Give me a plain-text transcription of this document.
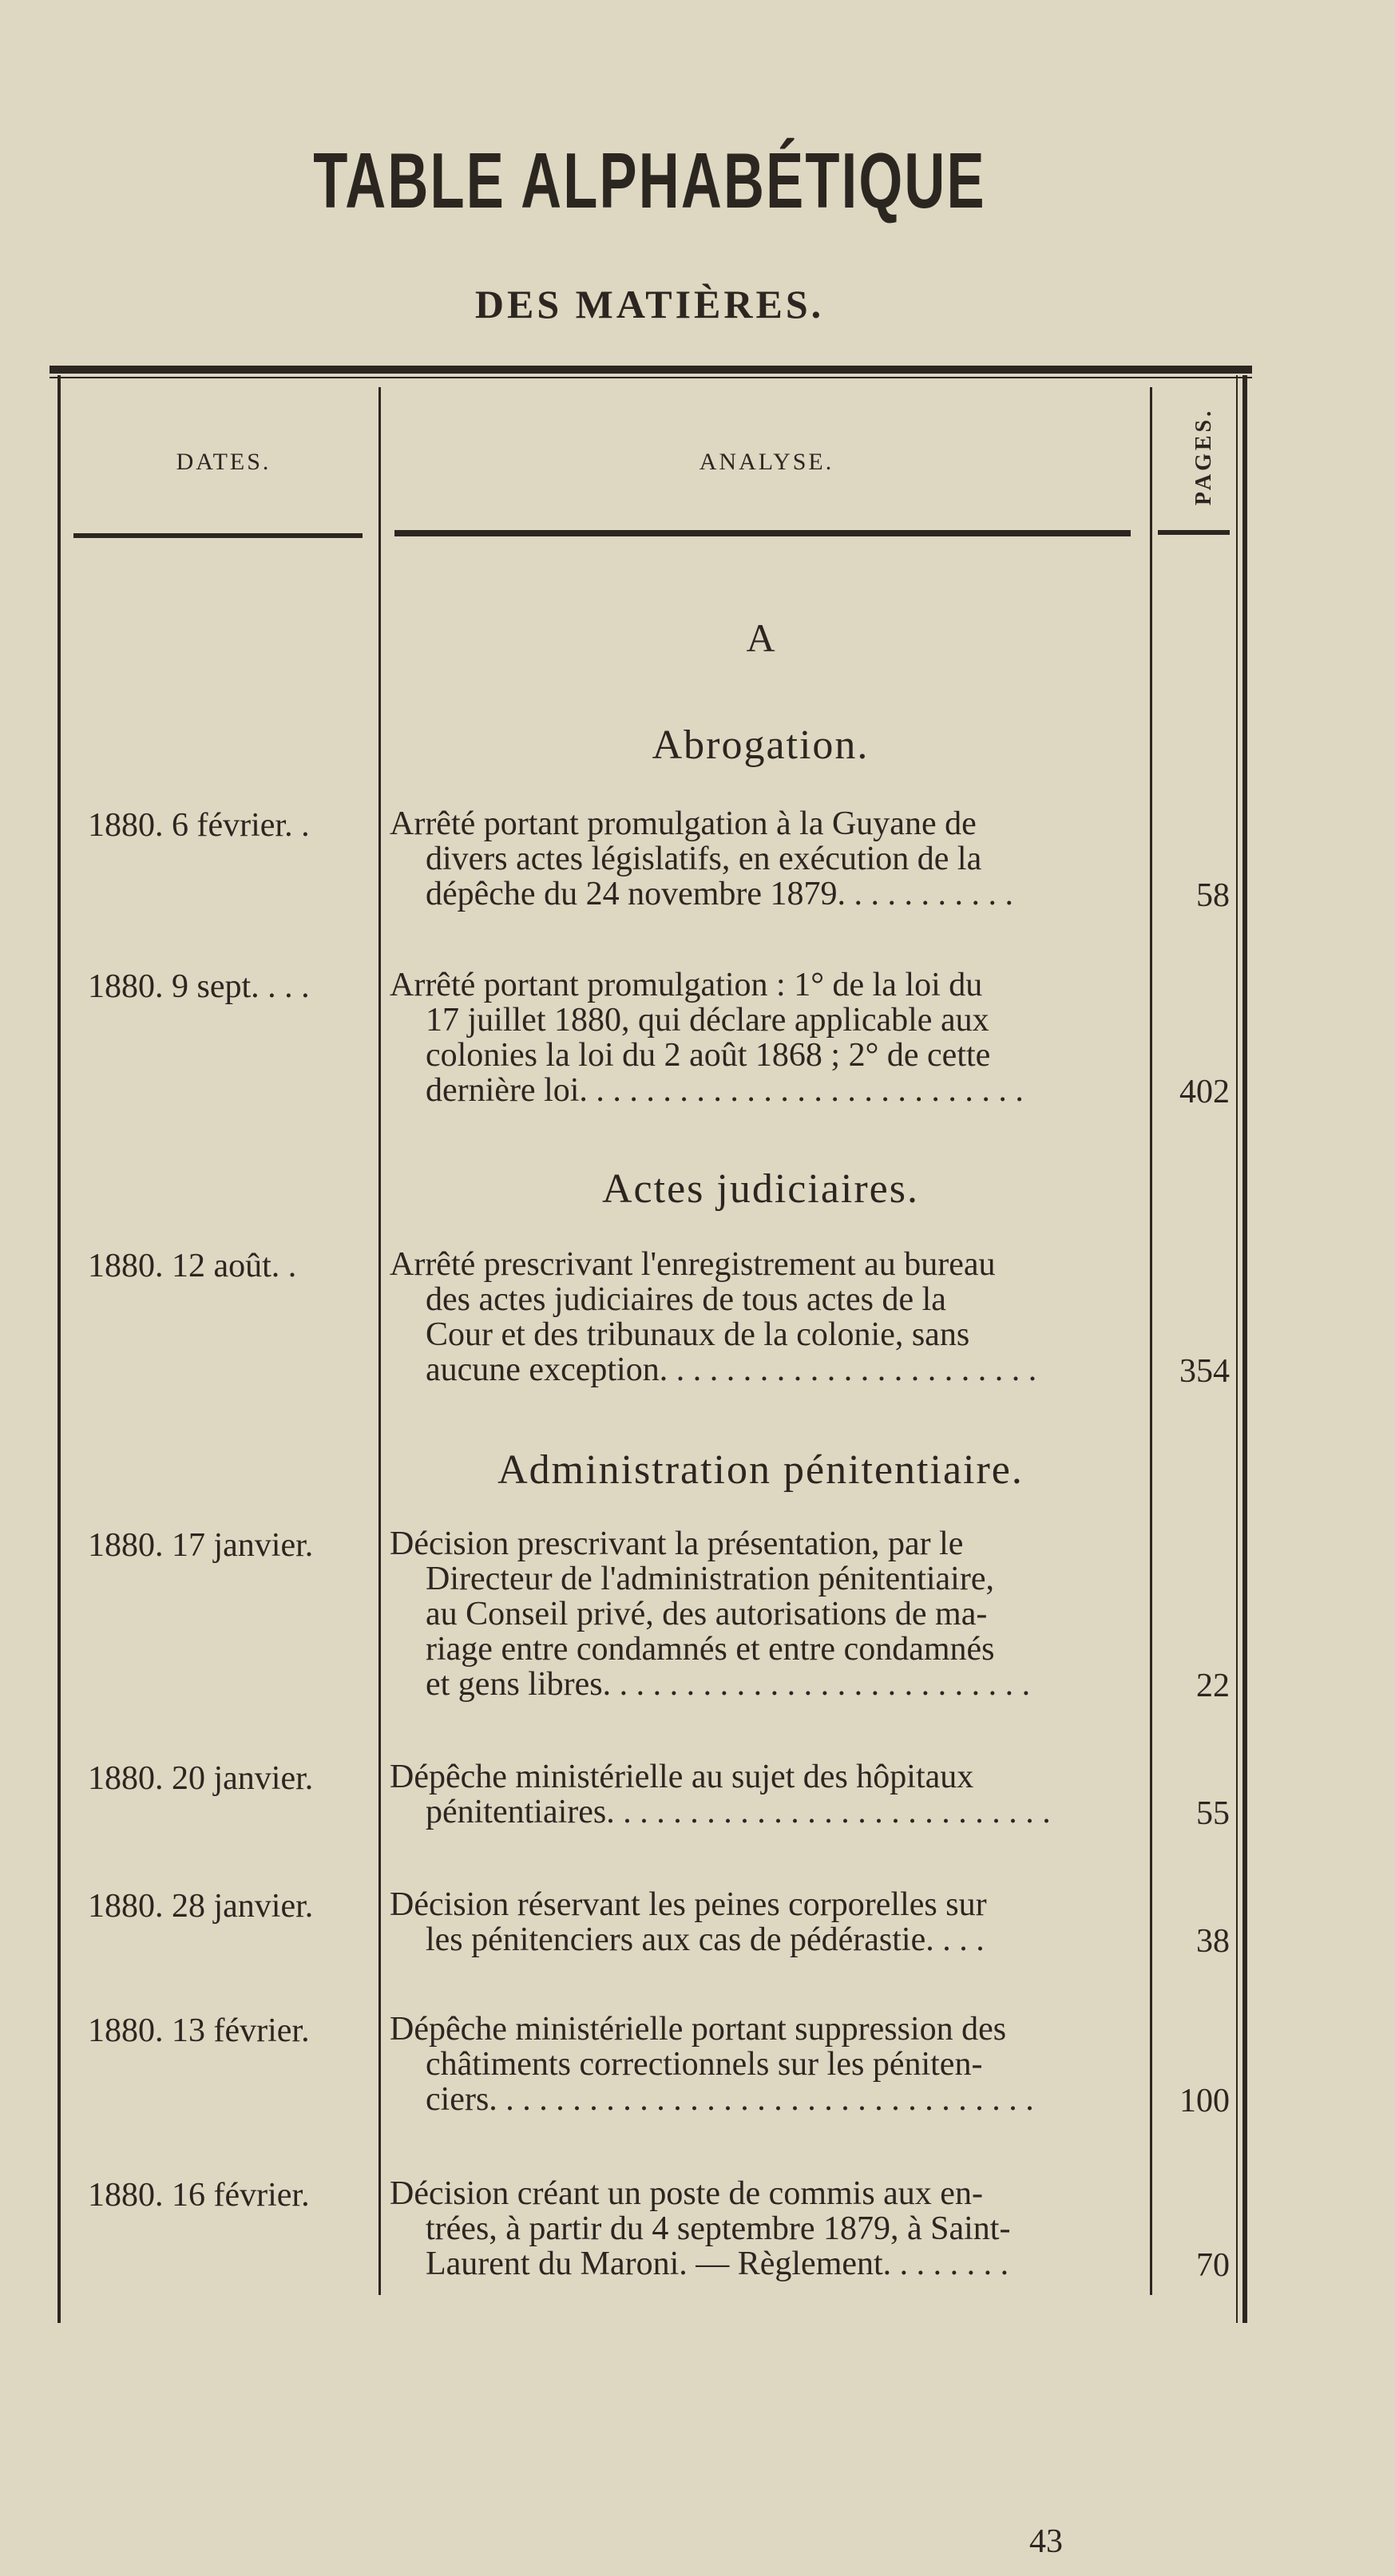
TABLE ALPHABÉTIQUE
DES MATIÈRES.
DATES.	ANALYSE.	PAGES.
A
Abrogation.
1880. 6 février. .	Arrêté portant promulgation à la Guyane de

divers actes législatifs, en exécution de la

dépêche du 24 novembre 1879. . . . . . . . . . .	58
1880. 9 sept. . . .	Arrêté portant promulgation : 1° de la loi du

17 juillet 1880, qui déclare applicable aux

colonies la loi du 2 août 1868 ; 2° de cette

dernière loi. . . . . . . . . . . . . . . . . . . . . . . . . . .	402
Actes judiciaires.
1880. 12 août. .	Arrêté prescrivant l'enregistrement au bureau

des actes judiciaires de tous actes de la

Cour et des tribunaux de la colonie, sans

aucune exception. . . . . . . . . . . . . . . . . . . . . . .	354
Administration pénitentiaire.
1880. 17 janvier.	Décision prescrivant la présentation, par le

Directeur de l'administration pénitentiaire,

au Conseil privé, des autorisations de ma-

riage entre condamnés et entre condamnés

et gens libres. . . . . . . . . . . . . . . . . . . . . . . . . .	22
1880. 20 janvier.	Dépêche ministérielle au sujet des hôpitaux

pénitentiaires. . . . . . . . . . . . . . . . . . . . . . . . . . .	55
1880. 28 janvier.	Décision réservant les peines corporelles sur

les pénitenciers aux cas de pédérastie. . . .	38
1880. 13 février.	Dépêche ministérielle portant suppression des

châtiments correctionnels sur les péniten-

ciers. . . . . . . . . . . . . . . . . . . . . . . . . . . . . . . . .	100
1880. 16 février.	Décision créant un poste de commis aux en-

trées, à partir du 4 septembre 1879, à Saint-

Laurent du Maroni. — Règlement. . . . . . . .	70
43
